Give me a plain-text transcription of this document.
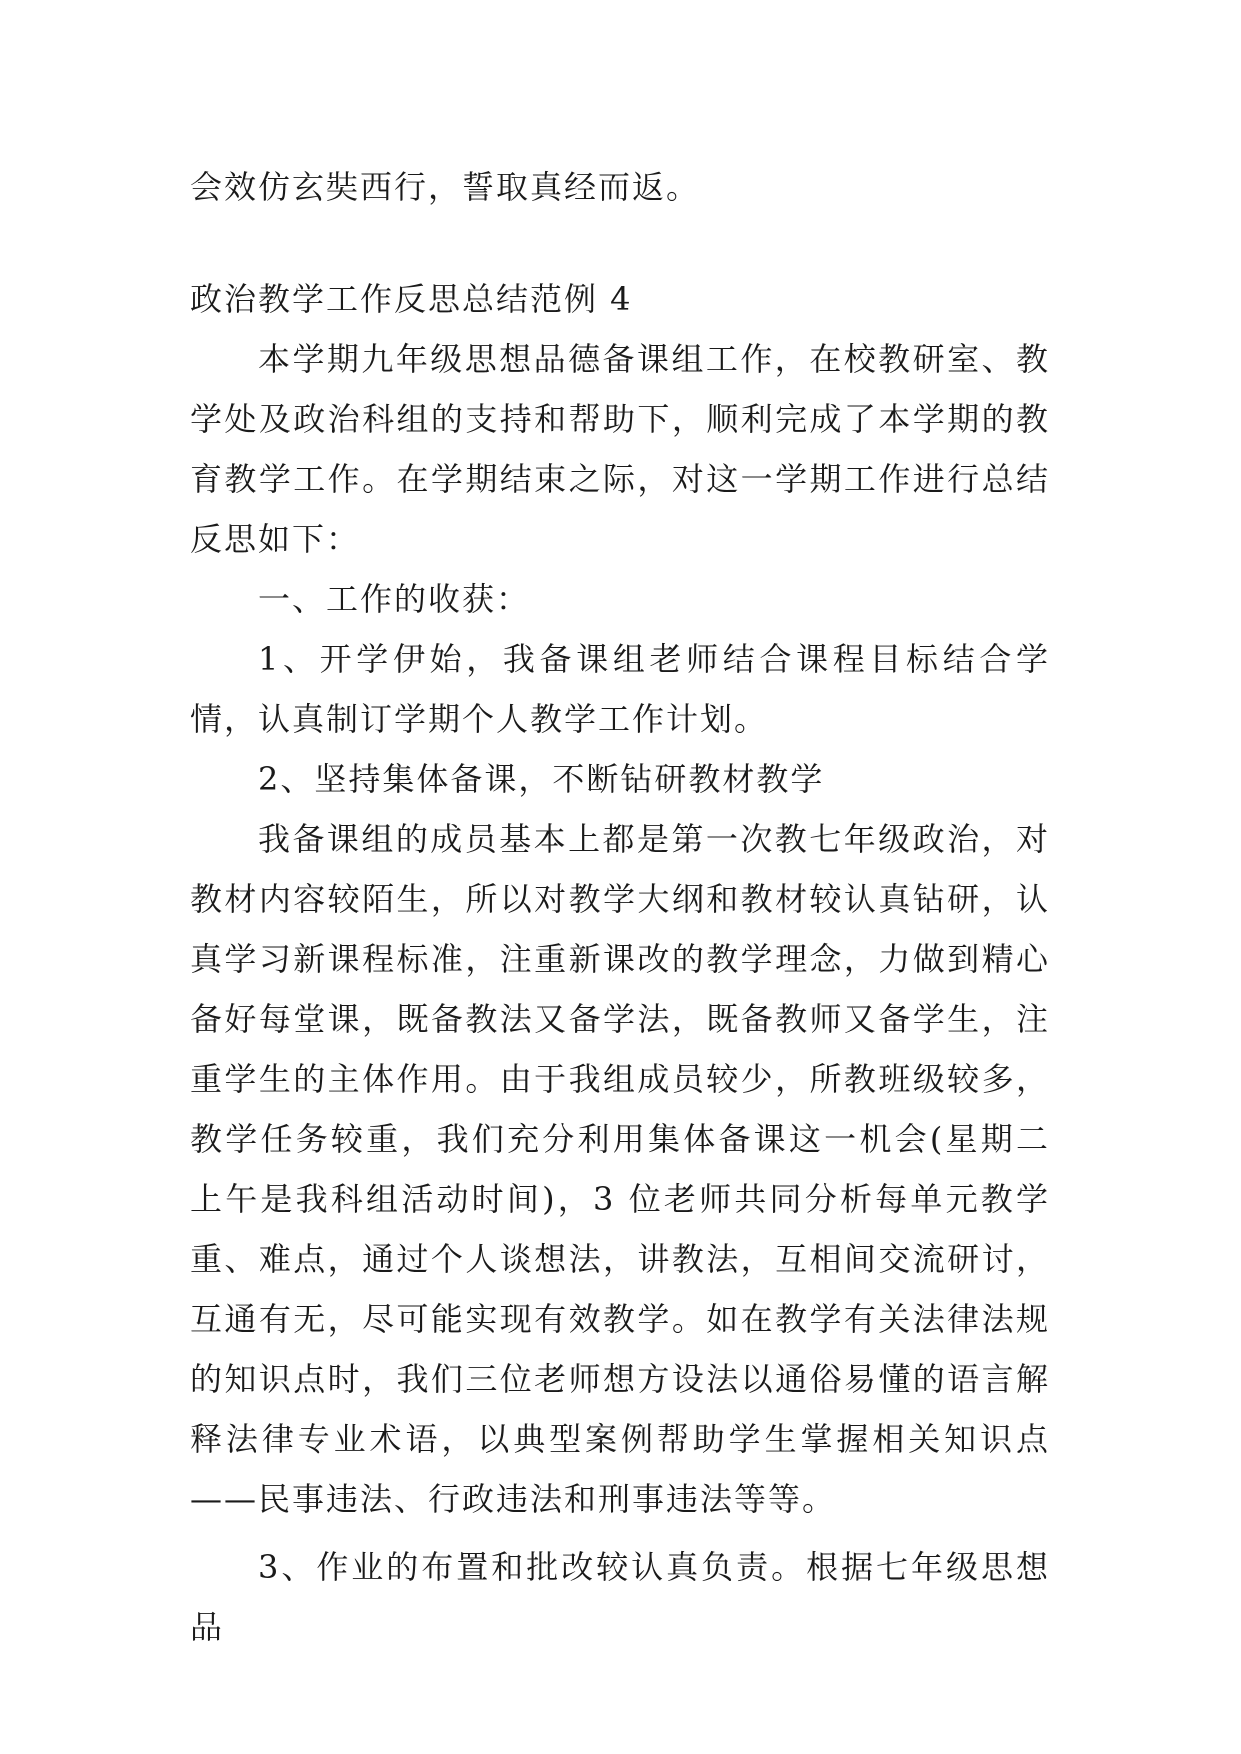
会效仿玄奘西行，誓取真经而返。

政治教学工作反思总结范例 4

本学期九年级思想品德备课组工作，在校教研室、教学处及政治科组的支持和帮助下，顺利完成了本学期的教育教学工作。在学期结束之际，对这一学期工作进行总结反思如下：

一、工作的收获：

1、开学伊始，我备课组老师结合课程目标结合学情，认真制订学期个人教学工作计划。

2、坚持集体备课，不断钻研教材教学

我备课组的成员基本上都是第一次教七年级政治，对教材内容较陌生，所以对教学大纲和教材较认真钻研，认真学习新课程标准，注重新课改的教学理念，力做到精心备好每堂课，既备教法又备学法，既备教师又备学生，注重学生的主体作用。由于我组成员较少，所教班级较多，教学任务较重，我们充分利用集体备课这一机会(星期二上午是我科组活动时间)，3 位老师共同分析每单元教学重、难点，通过个人谈想法，讲教法，互相间交流研讨，互通有无，尽可能实现有效教学。如在教学有关法律法规的知识点时，我们三位老师想方设法以通俗易懂的语言解释法律专业术语，以典型案例帮助学生掌握相关知识点——民事违法、行政违法和刑事违法等等。

3、作业的布置和批改较认真负责。根据七年级思想品
